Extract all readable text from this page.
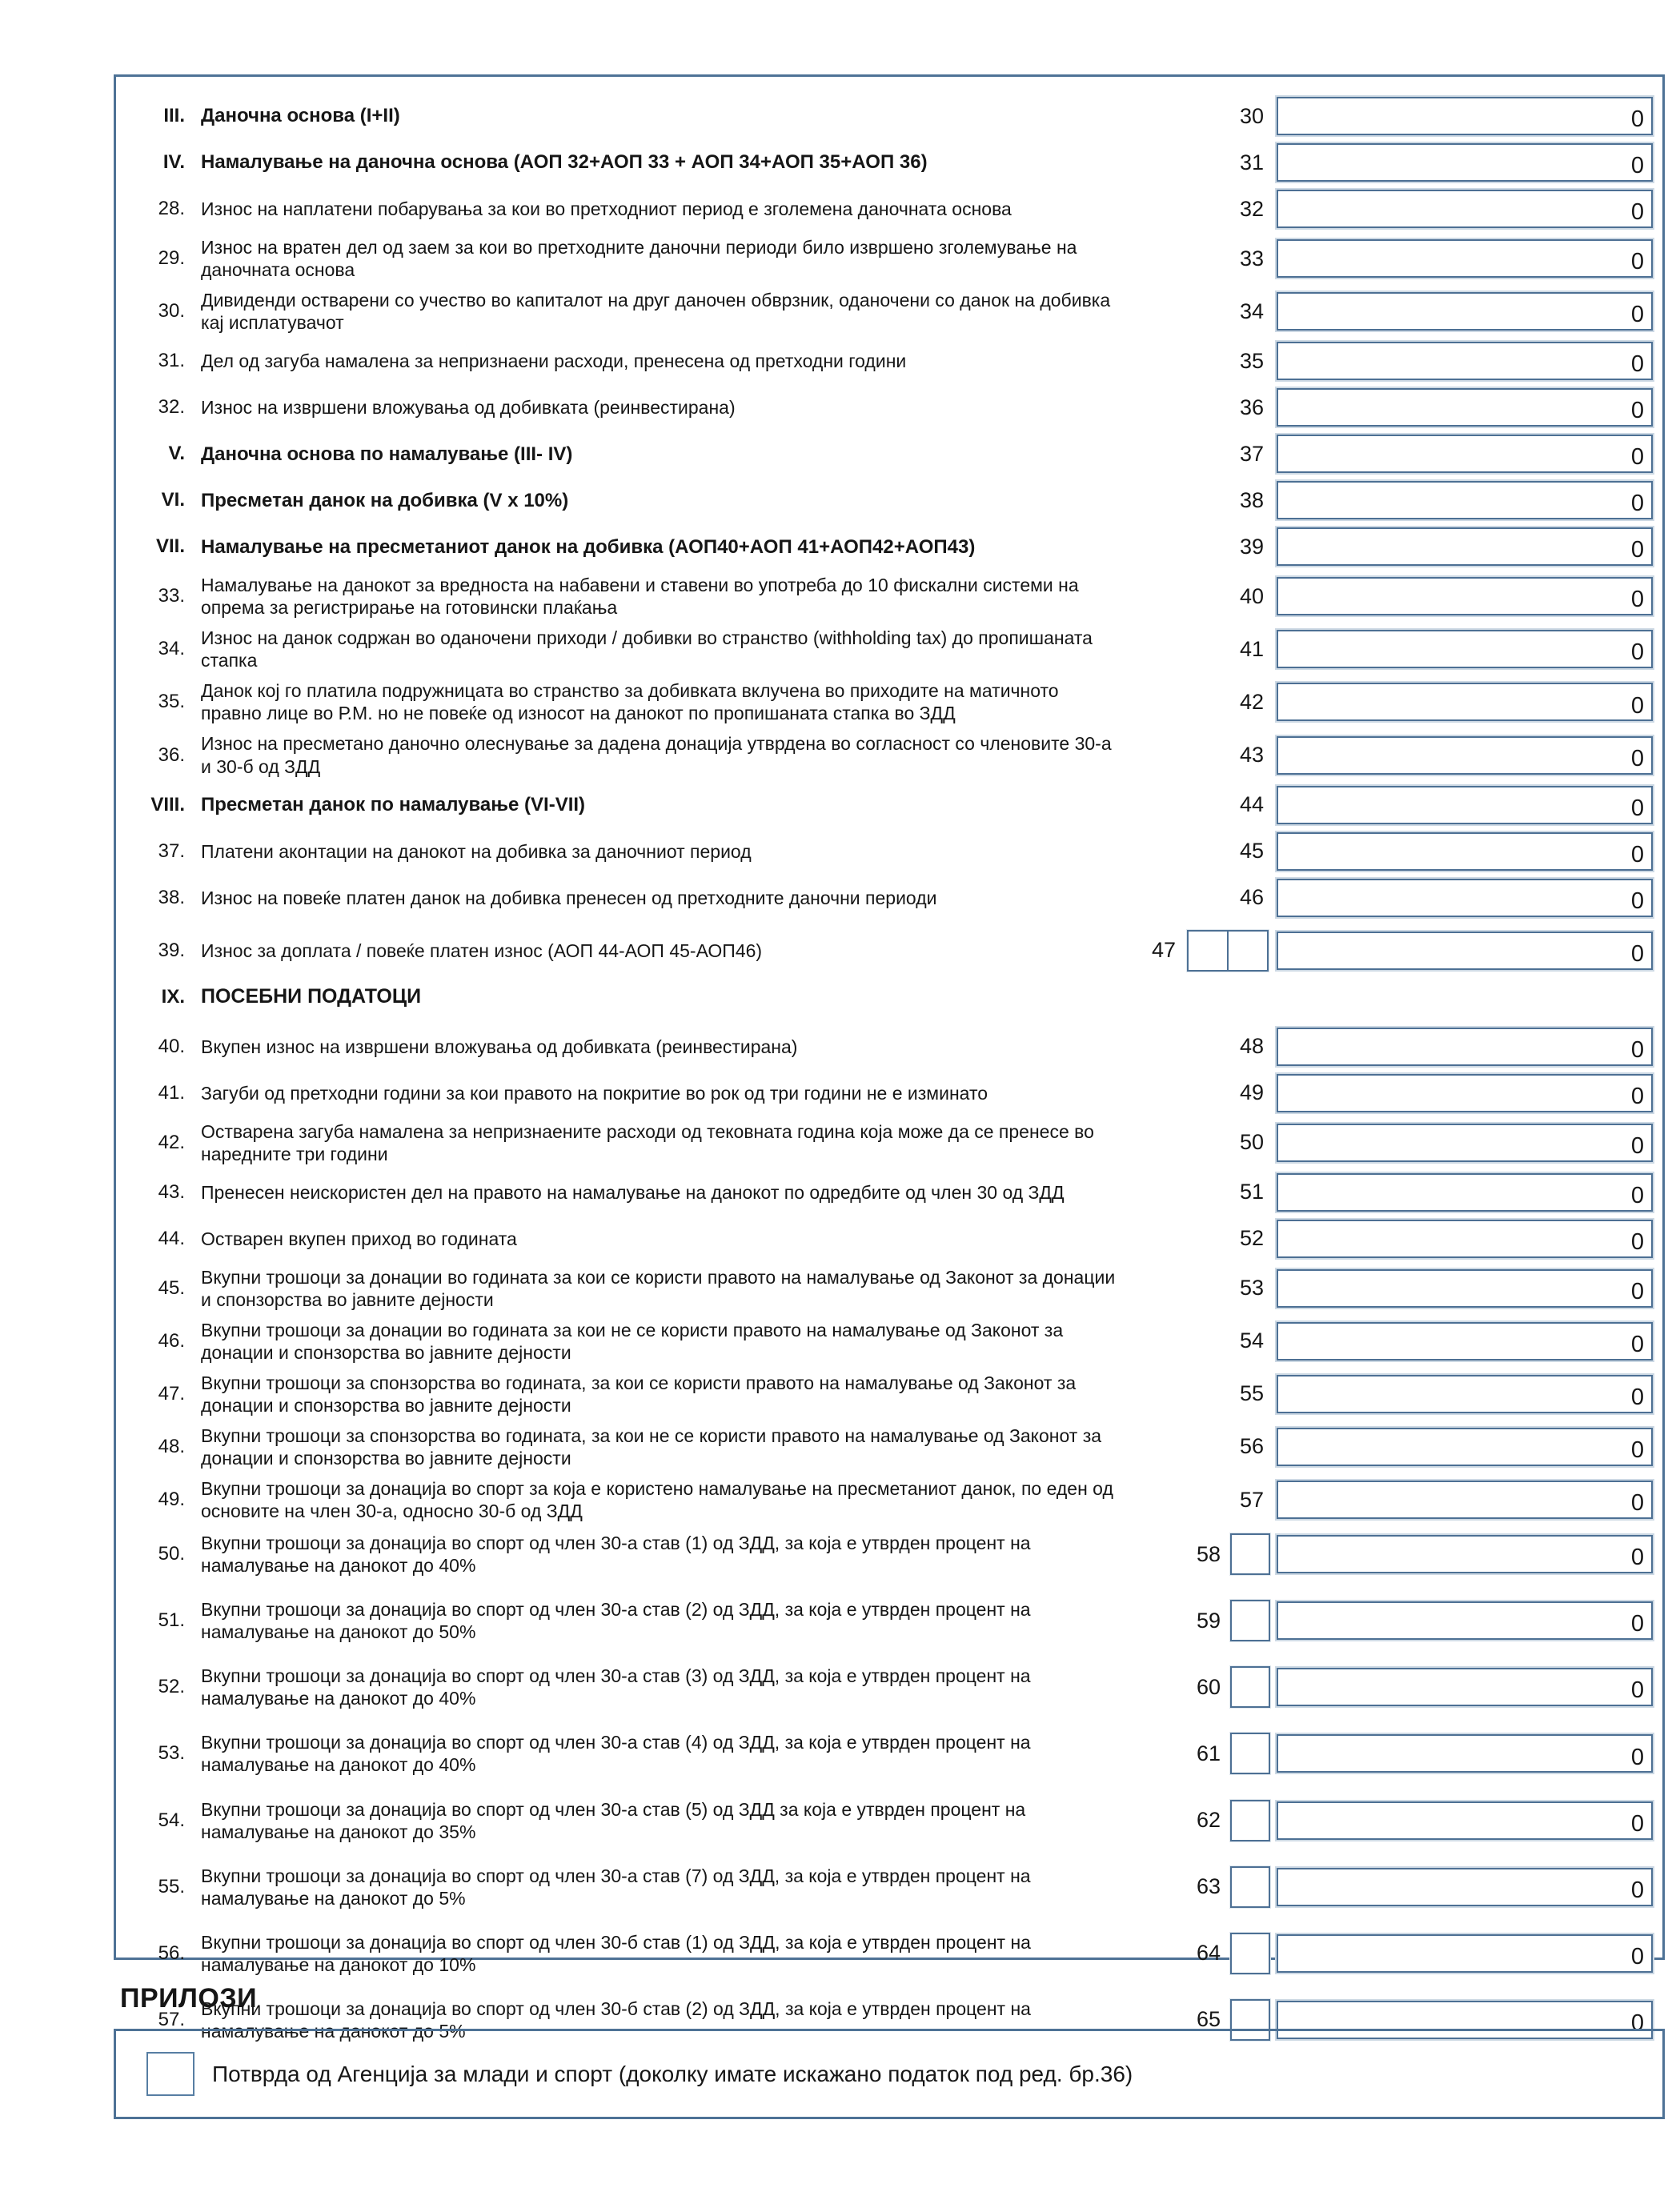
III. Даночна основа (I+II)	30	0
IV. Намалување на даночна основа (АОП 32+АОП 33 + АОП 34+АОП 35+АОП 36)	31	0
28. Износ на наплатени побарувања за кои во претходниот период е зголемена даночната основа	32	0
29.
Износ на вратен дел од заем за кои во претходните даночни периоди било извршено зголемување на даночната основа	33	0
30.
Дивиденди остварени со учество во капиталот на друг даночен обврзник, оданочени со данок на добивка кај исплатувачот	34	0
31. Дел од загуба намалена за непризнаени расходи, пренесена од претходни години	35	0
32. Износ на извршени вложувања од добивката (реинвестирана)	36	0
V. Даночна основа по намалување (III- IV)	37	0
VI. Пресметан данок на добивка (V x 10%)	38	0
VII. Намалување на пресметаниот данок на добивка (АОП40+АОП 41+АОП42+АОП43)	39	0
33.
Намалување на данокот за вредноста на набавени и ставени во употреба до 10 фискални системи на опрема за регистрирање на готовински плаќања	40	0
34.
Износ на данок содржан во оданочени приходи / добивки во странство (withholding tax) до пропишаната стапка	41	0
35.
Данок кој го платила подружницата во странство за добивката вклучена во приходите на матичното правно лице во Р.М. но не повеќе од износот на данокот по пропишаната стапка во ЗДД	42	0
36.
Износ на пресметано даночно олеснување за дадена донација утврдена во согласност со членовите 30-а и 30-б од ЗДД	43	0
VIII. Пресметан данок по намалување (VI-VII)	44	0
37. Платени аконтации на данокот на добивка за даночниот период	45	0
38. Износ на повеќе платен данок на добивка пренесен од претходните даночни периоди	46	0
39. Износ за доплата / повеќе платен износ (АОП 44-АОП 45-АОП46)	47	0
IX. ПОСЕБНИ ПОДАТОЦИ
40. Вкупен износ на извршени вложувања од добивката (реинвестирана)	48	0
41. Загуби од претходни години за кои правото на покритие во рок од три години не е изминато	49	0
42.
Остварена загуба намалена за непризнаените расходи од тековната година која може да се пренесе во наредните три години	50	0
43. Пренесен неискористен дел на правото на намалување на данокот по одредбите од член 30 од ЗДД	51	0
44. Остварен вкупен приход во годината	52	0
45.
Вкупни трошоци за донации во годината за кои се користи правото на намалување од Законот за донации и спонзорства во јавните дејности	53	0
46.
Вкупни трошоци за донации во годината за кои не се користи правото на намалување од Законот за донации и спонзорства во јавните дејности	54	0
47.
Вкупни трошоци за спонзорства во годината, за кои се користи правото на намалување од Законот за донации и спонзорства во јавните дејности	55	0
48.
Вкупни трошоци за спонзорства во годината, за кои не се користи правото на намалување од Законот за донации и спонзорства во јавните дејности	56	0
49.
Вкупни трошоци за донација во спорт за која е користено намалување на пресметаниот данок, по еден од основите на член 30-а, односно 30-б од ЗДД	57	0
50.
Вкупни трошоци за донација во спорт од член 30-а став (1) од ЗДД, за која е утврден процент на намалување на данокот до 40%	58	0
51.
Вкупни трошоци за донација во спорт од член 30-а став (2) од ЗДД, за која е утврден процент на намалување на данокот до 50%	59	0
52.
Вкупни трошоци за донација во спорт од член 30-а став (3) од ЗДД, за која е утврден процент на намалување на данокот до 40%	60	0
53.
Вкупни трошоци за донација во спорт од член 30-а став (4) од ЗДД, за која е утврден процент на намалување на данокот до 40%	61	0
54.
Вкупни трошоци за донација во спорт од член 30-а став (5) од ЗДД за која е утврден процент на намалување на данокот до 35%	62	0
55.
Вкупни трошоци за донација во спорт од член 30-а став (7) од ЗДД, за која е утврден процент на намалување на данокот до 5%	63	0
56.
Вкупни трошоци за донација во спорт од член 30-б став (1) од ЗДД, за која е утврден процент на намалување на данокот до 10%	64	0
57.
Вкупни трошоци за донација во спорт од член 30-б став (2) од ЗДД, за која е утврден процент на намалување на данокот до 5%	65	0
ПРИЛОЗИ
Потврда од Агенција за млади и спорт (доколку имате искажано податок под ред. бр.36)
